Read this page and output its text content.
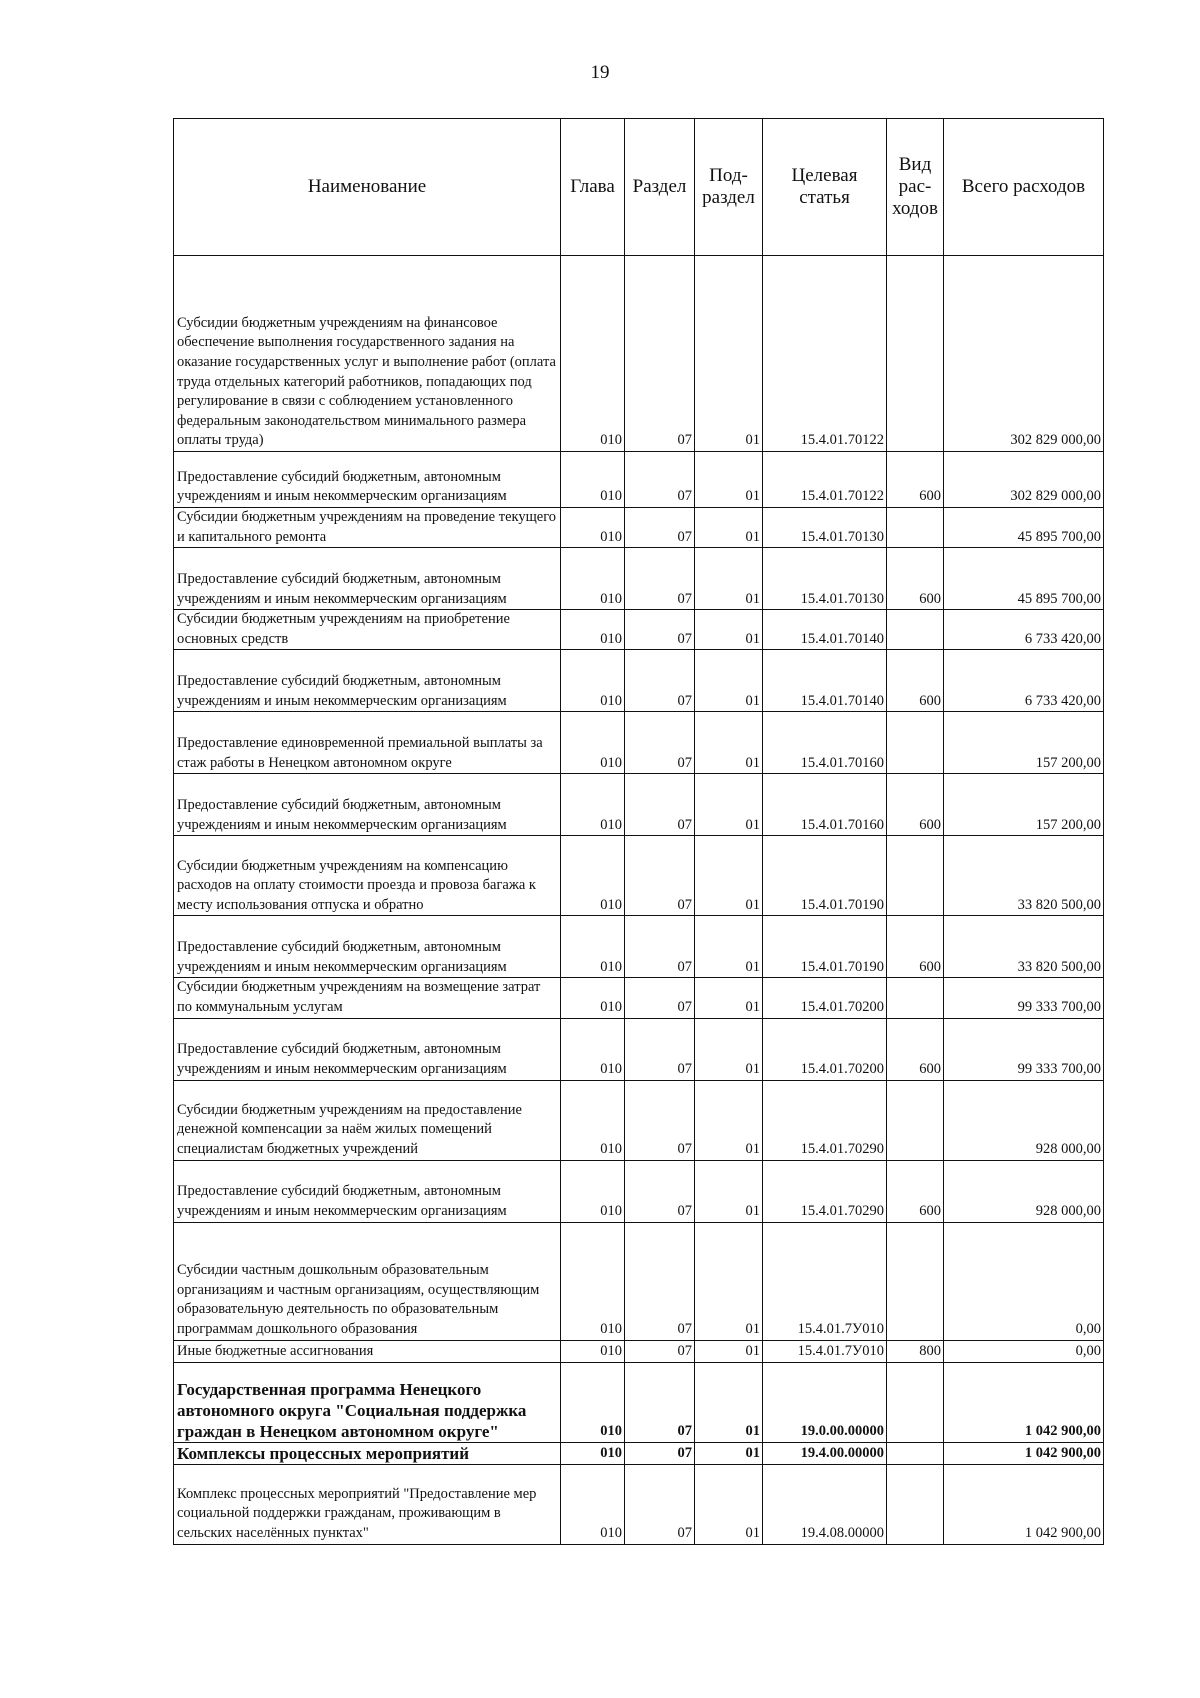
19
Наименование	Глава	Раздел	Под-раздел	Целевая статья	Вид рас-ходов	Всего расходов
Субсидии бюджетным учреждениям на финансовое обеспечение выполнения государственного задания на оказание государственных услуг и выполнение работ (оплата труда отдельных категорий работников, попадающих под регулирование в связи с соблюдением установленного федеральным законодательством минимального размера оплаты труда)	010	07	01	15.4.01.70122		302 829 000,00
Предоставление субсидий бюджетным, автономным учреждениям и иным некоммерческим организациям	010	07	01	15.4.01.70122	600	302 829 000,00
Субсидии бюджетным учреждениям на проведение текущего и капитального ремонта	010	07	01	15.4.01.70130		45 895 700,00
Предоставление субсидий бюджетным, автономным учреждениям и иным некоммерческим организациям	010	07	01	15.4.01.70130	600	45 895 700,00
Субсидии бюджетным учреждениям на приобретение основных средств	010	07	01	15.4.01.70140		6 733 420,00
Предоставление субсидий бюджетным, автономным учреждениям и иным некоммерческим организациям	010	07	01	15.4.01.70140	600	6 733 420,00
Предоставление единовременной премиальной выплаты за стаж работы в Ненецком автономном округе	010	07	01	15.4.01.70160		157 200,00
Предоставление субсидий бюджетным, автономным учреждениям и иным некоммерческим организациям	010	07	01	15.4.01.70160	600	157 200,00
Субсидии бюджетным учреждениям на компенсацию расходов на оплату стоимости проезда и провоза багажа к месту использования отпуска и обратно	010	07	01	15.4.01.70190		33 820 500,00
Предоставление субсидий бюджетным, автономным учреждениям и иным некоммерческим организациям	010	07	01	15.4.01.70190	600	33 820 500,00
Субсидии бюджетным учреждениям на возмещение затрат по коммунальным услугам	010	07	01	15.4.01.70200		99 333 700,00
Предоставление субсидий бюджетным, автономным учреждениям и иным некоммерческим организациям	010	07	01	15.4.01.70200	600	99 333 700,00
Субсидии бюджетным учреждениям на предоставление денежной компенсации за наём жилых помещений специалистам бюджетных учреждений	010	07	01	15.4.01.70290		928 000,00
Предоставление субсидий бюджетным, автономным учреждениям и иным некоммерческим организациям	010	07	01	15.4.01.70290	600	928 000,00
Субсидии частным дошкольным образовательным организациям и частным организациям, осуществляющим образовательную деятельность по образовательным программам дошкольного образования	010	07	01	15.4.01.7У010		0,00
Иные бюджетные ассигнования	010	07	01	15.4.01.7У010	800	0,00
Государственная программа Ненецкого автономного округа "Социальная поддержка граждан в Ненецком автономном округе"	010	07	01	19.0.00.00000		1 042 900,00
Комплексы процессных мероприятий	010	07	01	19.4.00.00000		1 042 900,00
Комплекс процессных мероприятий "Предоставление мер социальной поддержки гражданам, проживающим в сельских населённых пунктах"	010	07	01	19.4.08.00000		1 042 900,00
